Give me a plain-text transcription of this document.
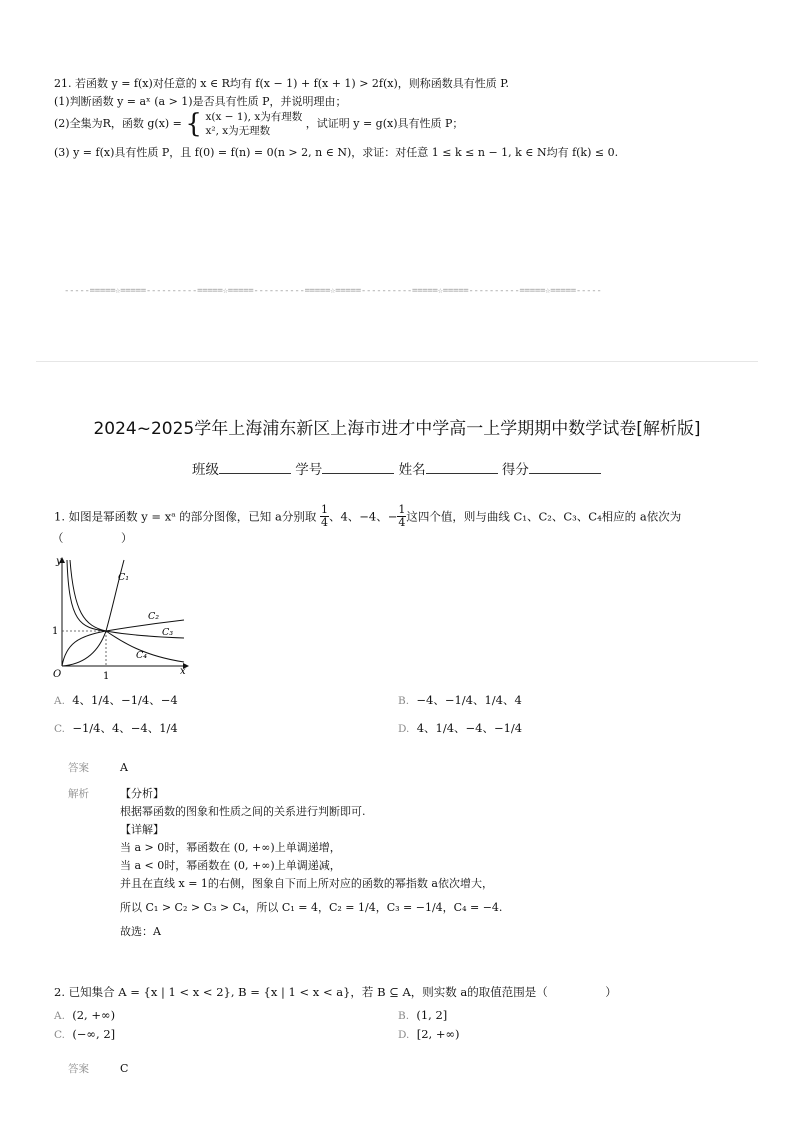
21. 若函数 y = f(x)对任意的 x ∈ R均有 f(x − 1) + f(x + 1) > 2f(x)，则称函数具有性质 P.
(1)判断函数 y = aˣ (a > 1)是否具有性质 P，并说明理由；
(2)全集为R，函数 g(x) = { x(x − 1), x为有理数
x², x为无理数
，试证明 y = g(x)具有性质 P；
(3) y = f(x)具有性质 P，且 f(0) = f(n) = 0(n > 2, n ∈ N)，求证：对任意 1 ≤ k ≤ n − 1, k ∈ N均有 f(k) ≤ 0.
-----=====☆=====----------=====☆=====----------=====☆=====----------=====☆=====----------=====☆=====-----
2024~2025学年上海浦东新区上海市进才中学高一上学期期中数学试卷[解析版]
班级	学号	姓名	得分
1. 如图是幂函数 y = xᵃ 的部分图像，已知 a分别取 $\frac{1}{4}$ 、4、−4、− $\frac{1}{4}$ 这四个值，则与曲线 C₁、C₂、C₃、C₄相应的 a依次为
（　　　　　）
y
x
O	1
1
C₁
C₂
C₃
C₄
A. 4、1/4、−1/4、−4	B. −4、−1/4、1/4、4
C. −1/4、4、−4、1/4	D. 4、1/4、−4、−1/4
答案	A
解析	【分析】
根据幂函数的图象和性质之间的关系进行判断即可.
【详解】
当 a > 0时，幂函数在 (0, +∞)上单调递增，
当 a < 0时，幂函数在 (0, +∞)上单调递减，
并且在直线 x = 1的右侧，图象自下而上所对应的函数的幂指数 a依次增大，
所以 C₁ > C₂ > C₃ > C₄，所以 C₁ = 4，C₂ = 1/4，C₃ = −1/4，C₄ = −4.
故选：A
2. 已知集合 A = {x | 1 < x < 2}, B = {x | 1 < x < a}，若 B ⊆ A，则实数 a的取值范围是（　　　　　）
A. (2, +∞)	B. (1, 2]
C. (−∞, 2]	D. [2, +∞)
答案	C
